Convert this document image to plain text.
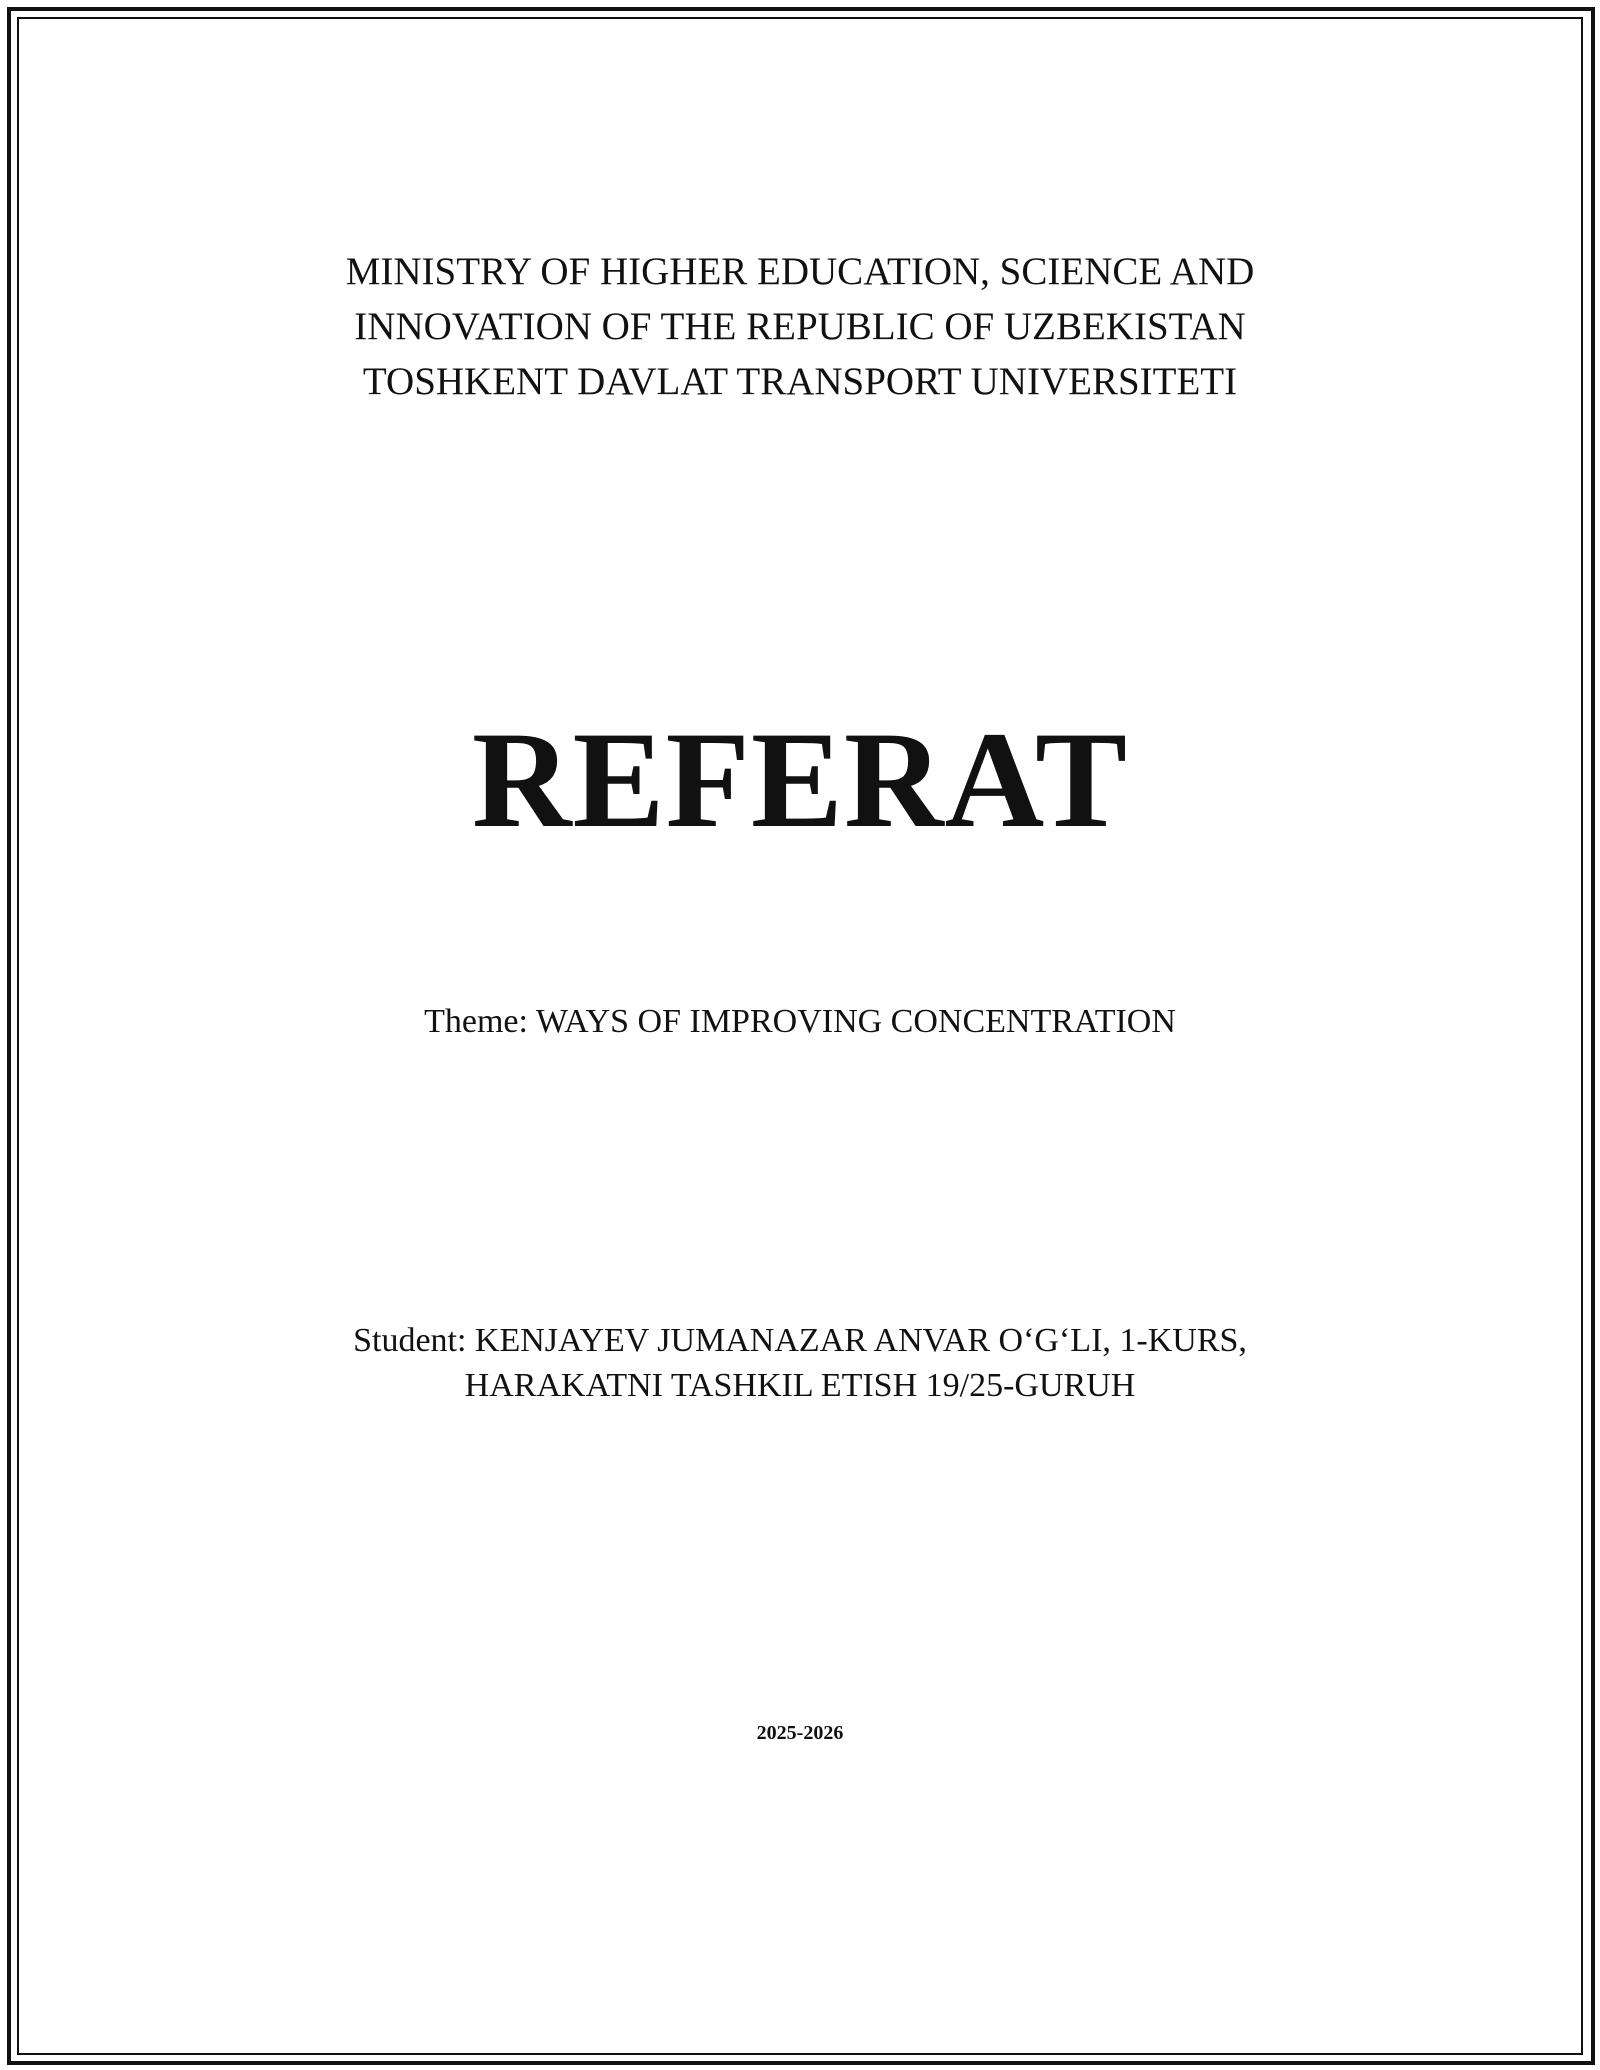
MINISTRY OF HIGHER EDUCATION, SCIENCE AND
INNOVATION OF THE REPUBLIC OF UZBEKISTAN
TOSHKENT DAVLAT TRANSPORT UNIVERSITETI
REFERAT
Theme: WAYS OF IMPROVING CONCENTRATION
Student: KENJAYEV JUMANAZAR ANVAR O‘G‘LI, 1-KURS,
HARAKATNI TASHKIL ETISH 19/25-GURUH
2025-2026
